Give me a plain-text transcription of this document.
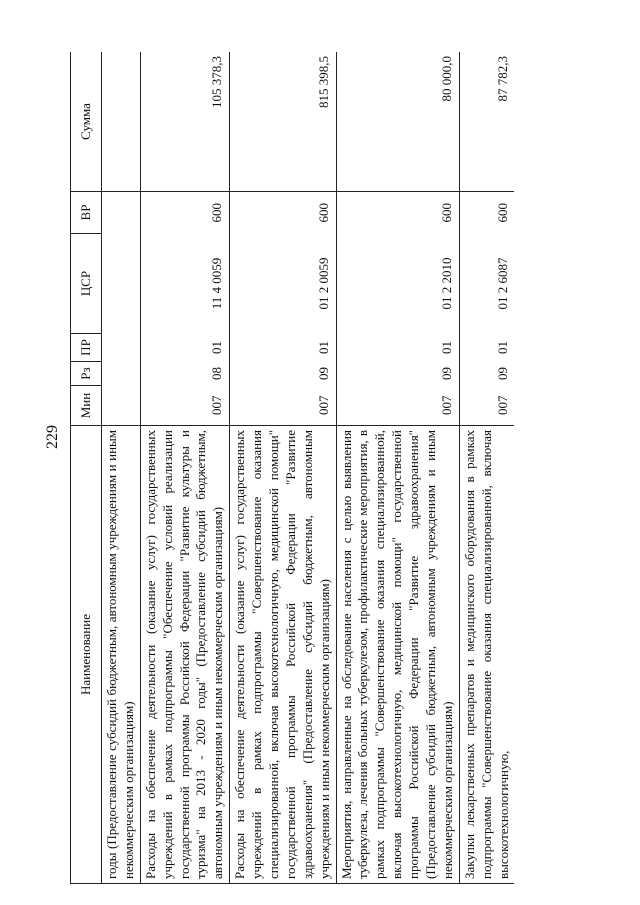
229
Наименование	Мин	Рз	ПР	ЦСР	ВР	Сумма
годы (Предоставление субсидий бюджетным, автономным учреждениям и иным некоммерческим организациям)						
Расходы на обеспечение деятельности (оказание услуг) государственных учреждений в рамках подпрограммы "Обеспечение условий реализации государственной программы Российской Федерации "Развитие культуры и туризма" на 2013 - 2020 годы" (Предоставление субсидий бюджетным, автономным учреждениям и иным некоммерческим организациям)	007	08	01	11 4 0059	600	105 378,3
Расходы на обеспечение деятельности (оказание услуг) государственных учреждений в рамках подпрограммы "Совершенствование оказания специализированной, включая высокотехнологичную, медицинской помощи" государственной программы Российской Федерации "Развитие здравоохранения" (Предоставление субсидий бюджетным, автономным учреждениям и иным некоммерческим организациям)	007	09	01	01 2 0059	600	815 398,5
Мероприятия, направленные на обследование населения с целью выявления туберкулеза, лечения больных туберкулезом, профилактические мероприятия, в рамках подпрограммы "Совершенствование оказания специализированной, включая высокотехнологичную, медицинской помощи" государственной программы Российской Федерации "Развитие здравоохранения" (Предоставление субсидий бюджетным, автономным учреждениям и иным некоммерческим организациям)	007	09	01	01 2 2010	600	80 000,0
Закупки лекарственных препаратов и медицинского оборудования в рамках подпрограммы "Совершенствование оказания специализированной, включая высокотехнологичную,	007	09	01	01 2 6087	600	87 782,3
